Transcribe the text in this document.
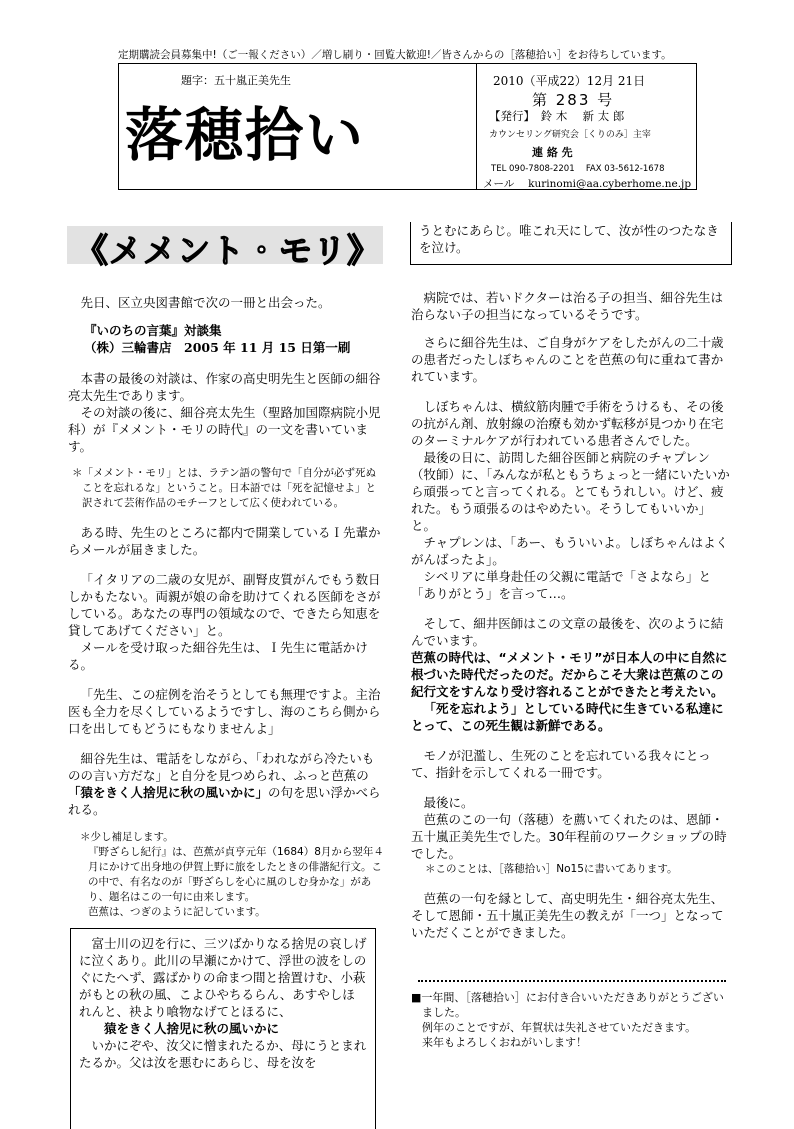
定期購読会員募集中!（ご一報ください）／増し刷り・回覧大歓迎!／皆さんからの［落穂拾い］をお待ちしています。
題字：五十嵐正美先生
落穂拾い
2010（平成22）12月 21日
第 283 号
【発行】　鈴 木　 新 太 郎
カウンセリング研究会［くりのみ］主宰
連 絡 先
TEL 090-7808-2201　 FAX 03-5612-1678
メール　 kurinomi@aa.cyberhome.ne.jp
《メメント・モリ》

先日、区立央図書館で次の一冊と出会った。

『いのちの言葉』対談集

（株）三輪書店　2005 年 11 月 15 日第一刷

本書の最後の対談は、作家の高史明先生と医師の細谷亮太先生であります。

その対談の後に、細谷亮太先生（聖路加国際病院小児科）が『メメント・モリの時代』の一文を書いています。

＊「メメント・モリ」とは、ラテン語の警句で「自分が必ず死ぬことを忘れるな」ということ。日本語では「死を記憶せよ」と訳されて芸術作品のモチーフとして広く使われている。

ある時、先生のところに都内で開業しているＩ先輩からメールが届きました。

「イタリアの二歳の女児が、副腎皮質がんでもう数日しかもたない。両親が娘の命を助けてくれる医師をさがしている。あなたの専門の領域なので、できたら知恵を貸してあげてください」と。

メールを受け取った細谷先生は、Ｉ先生に電話かける。

「先生、この症例を治そうとしても無理ですよ。主治医も全力を尽くしているようですし、海のこちら側から口を出してもどうにもなりませんよ」

細谷先生は、電話をしながら、「われながら冷たいものの言い方だな」と自分を見つめられ、ふっと芭蕉の「猿をきく人捨児に秋の風いかに」の句を思い浮かべられる。

＊少し補足します。

『野ざらし紀行』は、芭蕉が貞亨元年（1684）8月から翌年４月にかけて出身地の伊賀上野に旅をしたときの俳諧紀行文。この中で、有名なのが「野ざらしを心に風のしむ身かな」があり、題名はこの一句に由来します。

芭蕉は、つぎのように記しています。

富士川の辺を行に、三ツばかりなる捨児の哀しげに泣くあり。此川の早瀬にかけて、浮世の波をしのぐにたへず、露ばかりの命まつ間と捨置けむ、小萩がもとの秋の風、こよひやちるらん、あすやしほれんと、袂より喰物なげてとほるに、

猿をきく人捨児に秋の風いかに

いかにぞや、汝父に憎まれたるか、母にうとまれたるか。父は汝を悪むにあらじ、母を汝を

うとむにあらじ。唯これ天にして、汝が性のつたなきを泣け。

病院では、若いドクターは治る子の担当、細谷先生は治らない子の担当になっているそうです。

さらに細谷先生は、ご自身がケアをしたがんの二十歳の患者だったしぼちゃんのことを芭蕉の句に重ねて書かれています。

しぼちゃんは、横紋筋肉腫で手術をうけるも、その後の抗がん剤、放射線の治療も効かず転移が見つかり在宅のターミナルケアが行われている患者さんでした。

最後の日に、訪問した細谷医師と病院のチャプレン（牧師）に、「みんなが私ともうちょっと一緒にいたいから頑張ってと言ってくれる。とてもうれしい。けど、疲れた。もう頑張るのはやめたい。そうしてもいいか」と。

チャプレンは、「あー、もういいよ。しぼちゃんはよくがんばったよ」。

シベリアに単身赴任の父親に電話で「さよなら」と「ありがとう」を言って…。

そして、細井医師はこの文章の最後を、次のように結んでいます。

芭蕉の時代は、“メメント・モリ”が日本人の中に自然に根づいた時代だったのだ。だからこそ大衆は芭蕉のこの紀行文をすんなり受け容れることができたと考えたい。

「死を忘れよう」としている時代に生きている私達にとって、この死生観は新鮮である。

モノが氾濫し、生死のことを忘れている我々にとって、指針を示してくれる一冊です。

最後に。

芭蕉のこの一句（落穂）を薦いてくれたのは、恩師・五十嵐正美先生でした。30年程前のワークショップの時でした。

＊このことは、［落穂拾い］No15に書いてあります。

芭蕉の一句を縁として、高史明先生・細谷亮太先生、そして恩師・五十嵐正美先生の教えが「一つ」となっていただくことができました。

■一年間、［落穂拾い］にお付き合いいただきありがとうございました。

例年のことですが、年賀状は失礼させていただきます。

来年もよろしくおねがいします！
